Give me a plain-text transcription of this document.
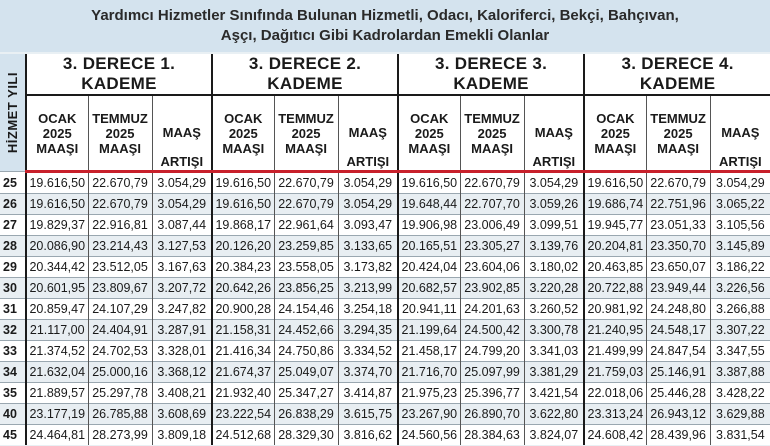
Yardımcı Hizmetler Sınıfında Bulunan Hizmetli, Odacı, Kaloriferci, Bekçi, Bahçıvan,
Aşçı, Dağıtıcı Gibi Kadrolardan Emekli Olanlar
HİZMET YILI	3. DERECE 1. KADEME			3. DERECE 2. KADEME			3. DERECE 3. KADEME			3. DERECE 4. KADEME		

	OCAK
2025
MAAŞI	TEMMUZ
2025
MAAŞI	MAAŞ
ARTIŞI	OCAK
2025
MAAŞI	TEMMUZ
2025
MAAŞI	MAAŞ
ARTIŞI	OCAK
2025
MAAŞI	TEMMUZ
2025
MAAŞI	MAAŞ
ARTIŞI	OCAK
2025
MAAŞI	TEMMUZ
2025
MAAŞI	MAAŞ
ARTIŞI

25	19.616,50	22.670,79	3.054,29	19.616,50	22.670,79	3.054,29	19.616,50	22.670,79	3.054,29	19.616,50	22.670,79	3.054,29
26	19.616,50	22.670,79	3.054,29	19.616,50	22.670,79	3.054,29	19.648,44	22.707,70	3.059,26	19.686,74	22.751,96	3.065,22
27	19.829,37	22.916,81	3.087,44	19.868,17	22.961,64	3.093,47	19.906,98	23.006,49	3.099,51	19.945,77	23.051,33	3.105,56
28	20.086,90	23.214,43	3.127,53	20.126,20	23.259,85	3.133,65	20.165,51	23.305,27	3.139,76	20.204,81	23.350,70	3.145,89
29	20.344,42	23.512,05	3.167,63	20.384,23	23.558,05	3.173,82	20.424,04	23.604,06	3.180,02	20.463,85	23.650,07	3.186,22
30	20.601,95	23.809,67	3.207,72	20.642,26	23.856,25	3.213,99	20.682,57	23.902,85	3.220,28	20.722,88	23.949,44	3.226,56
31	20.859,47	24.107,29	3.247,82	20.900,28	24.154,46	3.254,18	20.941,11	24.201,63	3.260,52	20.981,92	24.248,80	3.266,88
32	21.117,00	24.404,91	3.287,91	21.158,31	24.452,66	3.294,35	21.199,64	24.500,42	3.300,78	21.240,95	24.548,17	3.307,22
33	21.374,52	24.702,53	3.328,01	21.416,34	24.750,86	3.334,52	21.458,17	24.799,20	3.341,03	21.499,99	24.847,54	3.347,55
34	21.632,04	25.000,16	3.368,12	21.674,37	25.049,07	3.374,70	21.716,70	25.097,99	3.381,29	21.759,03	25.146,91	3.387,88
35	21.889,57	25.297,78	3.408,21	21.932,40	25.347,27	3.414,87	21.975,23	25.396,77	3.421,54	22.018,06	25.446,28	3.428,22
40	23.177,19	26.785,88	3.608,69	23.222,54	26.838,29	3.615,75	23.267,90	26.890,70	3.622,80	23.313,24	26.943,12	3.629,88
45	24.464,81	28.273,99	3.809,18	24.512,68	28.329,30	3.816,62	24.560,56	28.384,63	3.824,07	24.608,42	28.439,96	3.831,54
